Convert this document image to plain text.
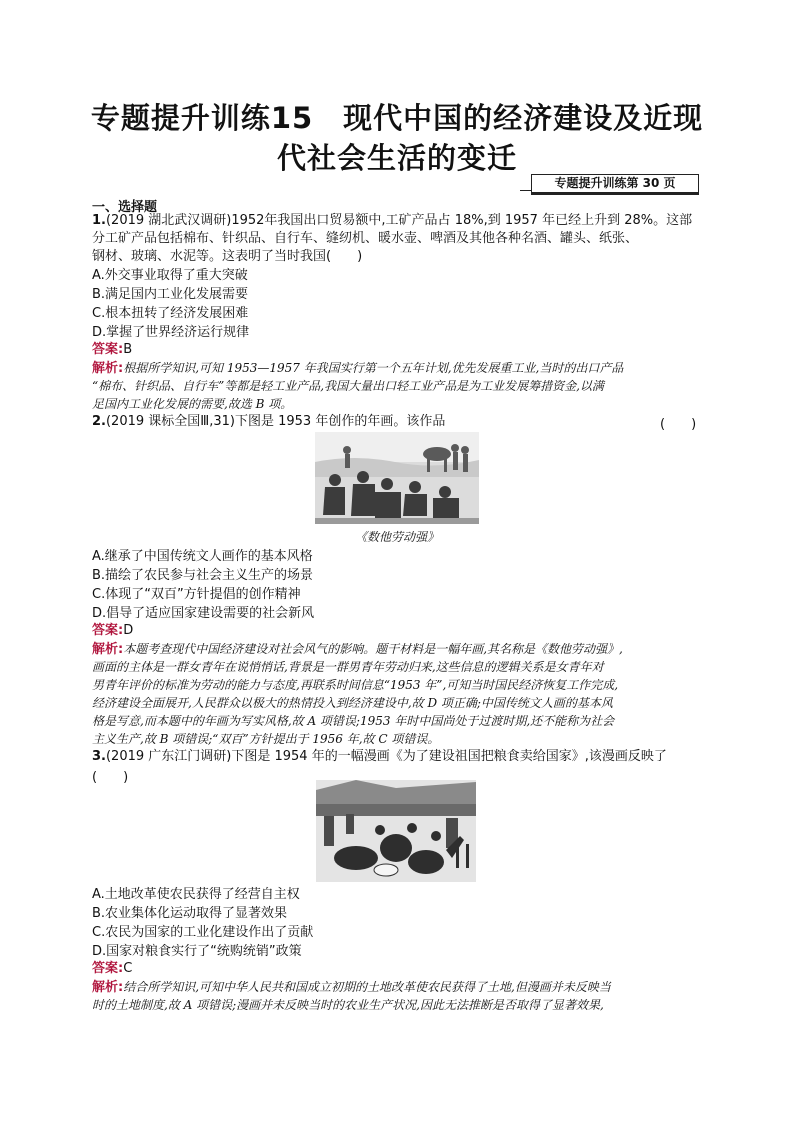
专题提升训练15　现代中国的经济建设及近现
代社会生活的变迁
专题提升训练第 30 页
一、选择题
1.(2019 湖北武汉调研)1952年我国出口贸易额中,工矿产品占 18%,到 1957 年已经上升到 28%。这部
分工矿产品包括棉布、针织品、自行车、缝纫机、暖水壶、啤酒及其他各种名酒、罐头、纸张、
钢材、玻璃、水泥等。这表明了当时我国(　　)
A.外交事业取得了重大突破
B.满足国内工业化发展需要
C.根本扭转了经济发展困难
D.掌握了世界经济运行规律
答案:B
解析:根据所学知识,可知 1953—1957 年我国实行第一个五年计划,优先发展重工业,当时的出口产品
“棉布、针织品、自行车”等都是轻工业产品,我国大量出口轻工业产品是为工业发展筹措资金,以满
足国内工业化发展的需要,故选 B 项。
2.(2019 课标全国Ⅲ,31)下图是 1953 年创作的年画。该作品	(　　)
《数他劳动强》
A.继承了中国传统文人画作的基本风格
B.描绘了农民参与社会主义生产的场景
C.体现了“双百”方针提倡的创作精神
D.倡导了适应国家建设需要的社会新风
答案:D
解析:本题考查现代中国经济建设对社会风气的影响。题干材料是一幅年画,其名称是《数他劳动强》,
画面的主体是一群女青年在说悄悄话,背景是一群男青年劳动归来,这些信息的逻辑关系是女青年对
男青年评价的标准为劳动的能力与态度,再联系时间信息“1953 年”,可知当时国民经济恢复工作完成,
经济建设全面展开,人民群众以极大的热情投入到经济建设中,故 D 项正确;中国传统文人画的基本风
格是写意,而本题中的年画为写实风格,故 A 项错误;1953 年时中国尚处于过渡时期,还不能称为社会
主义生产,故 B 项错误;“双百”方针提出于 1956 年,故 C 项错误。
3.(2019 广东江门调研)下图是 1954 年的一幅漫画《为了建设祖国把粮食卖给国家》,该漫画反映了
(　　)
A.土地改革使农民获得了经营自主权
B.农业集体化运动取得了显著效果
C.农民为国家的工业化建设作出了贡献
D.国家对粮食实行了“统购统销”政策
答案:C
解析:结合所学知识,可知中华人民共和国成立初期的土地改革使农民获得了土地,但漫画并未反映当
时的土地制度,故 A 项错误;漫画并未反映当时的农业生产状况,因此无法推断是否取得了显著效果,
